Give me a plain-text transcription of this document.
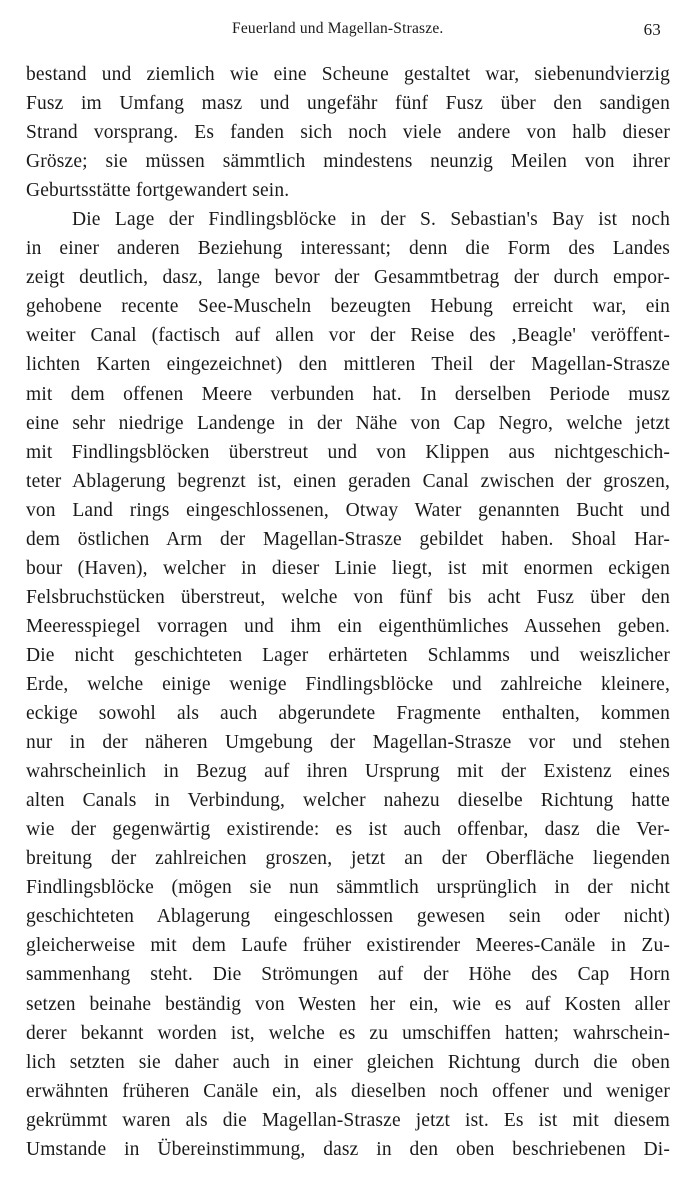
Feuerland und Magellan-Strasze.	63
bestand und ziemlich wie eine Scheune gestaltet war, siebenundvierzig
Fusz im Umfang masz und ungefähr fünf Fusz über den sandigen
Strand vorsprang. Es fanden sich noch viele andere von halb dieser
Grösze; sie müssen sämmtlich mindestens neunzig Meilen von ihrer
Geburtsstätte fortgewandert sein.
Die Lage der Findlingsblöcke in der S. Sebastian's Bay ist noch
in einer anderen Beziehung interessant; denn die Form des Landes
zeigt deutlich, dasz, lange bevor der Gesammtbetrag der durch empor-
gehobene recente See-Muscheln bezeugten Hebung erreicht war, ein
weiter Canal (factisch auf allen vor der Reise des ‚Beagle' veröffent-
lichten Karten eingezeichnet) den mittleren Theil der Magellan-Strasze
mit dem offenen Meere verbunden hat. In derselben Periode musz
eine sehr niedrige Landenge in der Nähe von Cap Negro, welche jetzt
mit Findlingsblöcken überstreut und von Klippen aus nichtgeschich-
teter Ablagerung begrenzt ist, einen geraden Canal zwischen der groszen,
von Land rings eingeschlossenen, Otway Water genannten Bucht und
dem östlichen Arm der Magellan-Strasze gebildet haben. Shoal Har-
bour (Haven), welcher in dieser Linie liegt, ist mit enormen eckigen
Felsbruchstücken überstreut, welche von fünf bis acht Fusz über den
Meeresspiegel vorragen und ihm ein eigenthümliches Aussehen geben.
Die nicht geschichteten Lager erhärteten Schlamms und weiszlicher
Erde, welche einige wenige Findlingsblöcke und zahlreiche kleinere,
eckige sowohl als auch abgerundete Fragmente enthalten, kommen
nur in der näheren Umgebung der Magellan-Strasze vor und stehen
wahrscheinlich in Bezug auf ihren Ursprung mit der Existenz eines
alten Canals in Verbindung, welcher nahezu dieselbe Richtung hatte
wie der gegenwärtig existirende: es ist auch offenbar, dasz die Ver-
breitung der zahlreichen groszen, jetzt an der Oberfläche liegenden
Findlingsblöcke (mögen sie nun sämmtlich ursprünglich in der nicht
geschichteten Ablagerung eingeschlossen gewesen sein oder nicht)
gleicherweise mit dem Laufe früher existirender Meeres-Canäle in Zu-
sammenhang steht. Die Strömungen auf der Höhe des Cap Horn
setzen beinahe beständig von Westen her ein, wie es auf Kosten aller
derer bekannt worden ist, welche es zu umschiffen hatten; wahrschein-
lich setzten sie daher auch in einer gleichen Richtung durch die oben
erwähnten früheren Canäle ein, als dieselben noch offener und weniger
gekrümmt waren als die Magellan-Strasze jetzt ist. Es ist mit diesem
Umstande in Übereinstimmung, dasz in den oben beschriebenen Di-
